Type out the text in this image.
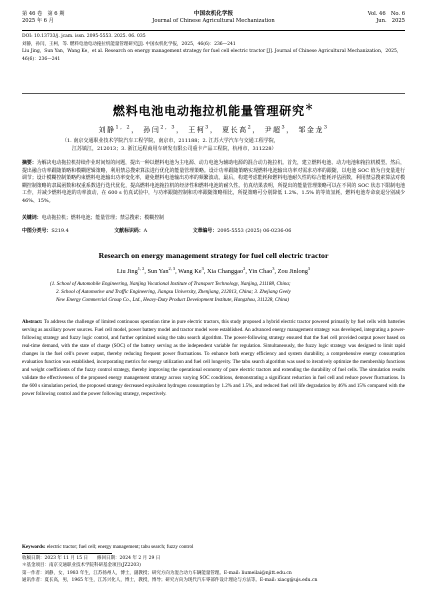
第 46 卷　第 6 期
2025 年 6 月
中国农机化学报
Journal of Chinese Agricultural Mechanization
Vol. 46　No. 6
Jun.　2025
DOI: 10.13733/j. jcam. issn. 2095-5553. 2025. 06. 035
刘静，孙闫，王柯，等. 燃料电池电动拖拉机能量管理研究[J]. 中国农机化学报，2025，46(6)：236—241
Liu Jing，Sun Yan，Wang Ke，et al. Research on energy management strategy for fuel cell electric tractor [J]. Journal of Chinese Agricultural Mechanization，2025，46(6)：236—241
燃料电池电动拖拉机能量管理研究＊
刘静$^{1,2}$， 孙闫$^{2,3}$， 王柯$^3$， 夏长高$^2$， 尹超$^3$， 邹金龙$^3$
（1. 南京交通职业技术学院汽车工程学院，南京市，211188；2. 江苏大学汽车与交通工程学院，
江苏镇江，212013；3. 浙江远程商用车研发有限公司重卡产品工程院，杭州市，311228）
摘要：为解决电动拖拉机持续作业时间短的问题，提出一种以燃料电池为主电源、动力电池为辅助电源的混合动力拖拉机。首先，建立燃料电池、动力电池和拖拉机模型。然后，提出融合功率跟随策略和模糊逻辑策略，利用禁忌搜索算法进行优化的能量管理策略。设计功率跟随策略实现燃料电池输出功率对需求功率的跟随，以电池 SOC 值为自变量进行调节；设计模糊控制策略约束燃料电池输出功率变化率，避免燃料电池输出功率的频繁波动。最后，构建考虑能耗和燃料电池耐久性的综合能耗评估函数，利用禁忌搜索算法对模糊控制策略的隶属函数和权重系数进行迭代优化，提高燃料电池拖拉机的经济性和燃料电池的耐久性。仿真结果表明，所提出的能量管理策略可以在不同的 SOC 状态下限制电池工作，并减少燃料电池的功率波动，在 600 s 仿真试验中，与功率跟随控制和功率跟随策略相比，所提策略可分别降低 1.2%、1.5% 的等效氢耗，燃料电池寿命衰退分别减少 46%、15%。
关键词：电动拖拉机；燃料电池；能量管理；禁忌搜索；模糊控制
中图分类号：S219.4	文献标识码：A	文章编号：2095-5553 (2025) 06-0236-06
Research on energy management strategy for fuel cell electric tractor
Liu Jing$^{1, 2}$, Sun Yan$^{2, 3}$, Wang Ke$^3$, Xia Changgao$^2$, Yin Chao$^3$, Zou Jinlong$^3$
(1. School of Automobile Engineering, Nanjing Vocational Institute of Transport Technology, Nanjing, 211188, China;
2. School of Automotive and Traffic Engineering, Jiangsu University, Zhenjiang, 212013, China; 3. Zhejiang Geely
New Energy Commercial Group Co., Ltd., Heavy-Duty Product Development Institute, Hangzhou, 311228, China)
Abstract: To address the challenge of limited continuous operation time in pure electric tractors, this study proposed a hybrid electric tractor powered primarily by fuel cells with batteries serving as auxiliary power sources. Fuel cell model, power battery model and tractor model were established. An advanced energy management strategy was developed, integrating a power-following strategy and fuzzy logic control, and further optimized using the tabu search algorithm. The power-following strategy ensured that the fuel cell provided output power based on real-time demand, with the state of charge (SOC) of the battery serving as the independent variable for regulation. Simultaneously, the fuzzy logic strategy was designed to limit rapid changes in the fuel cell's power output, thereby reducing frequent power fluctuations. To enhance both energy efficiency and system durability, a comprehensive energy consumption evaluation function was established, incorporating metrics for energy utilization and fuel cell longevity. The tabu search algorithm was used to iteratively optimize the membership functions and weight coefficients of the fuzzy control strategy, thereby improving the operational economy of pure electric tractors and extending the durability of fuel cells. The simulation results validate the effectiveness of the proposed energy management strategy across varying SOC conditions, demonstrating a significant reduction in fuel cell and reduce power fluctuations. In the 600 s simulation period, the proposed strategy decreased equivalent hydrogen consumption by 1.2% and 1.5%, and reduced fuel cell life degradation by 46% and 15% compared with the power following control and the power following strategy, respectively.
Keywords: electric tractor; fuel cell; energy management; tabu search; fuzzy control
收稿日期：2023 年 11 月 15 日　　修回日期：2024 年 2 月 29 日
＊基金项目：南京交通职业技术学院科研基金项目(JZ2203)
第一作者：刘静，女，1983 年生，江苏扬州人，博士，副教授；研究方向为混合动力车辆能量管理。E-mail: liumeilai@njitt.edu.cn
通讯作者：夏长高，男，1965 年生，江苏兴化人，博士，教授，博导；研究方向为现代汽车零部件设计理论与方法等。E-mail: xiacg@ujs.edu.cn
